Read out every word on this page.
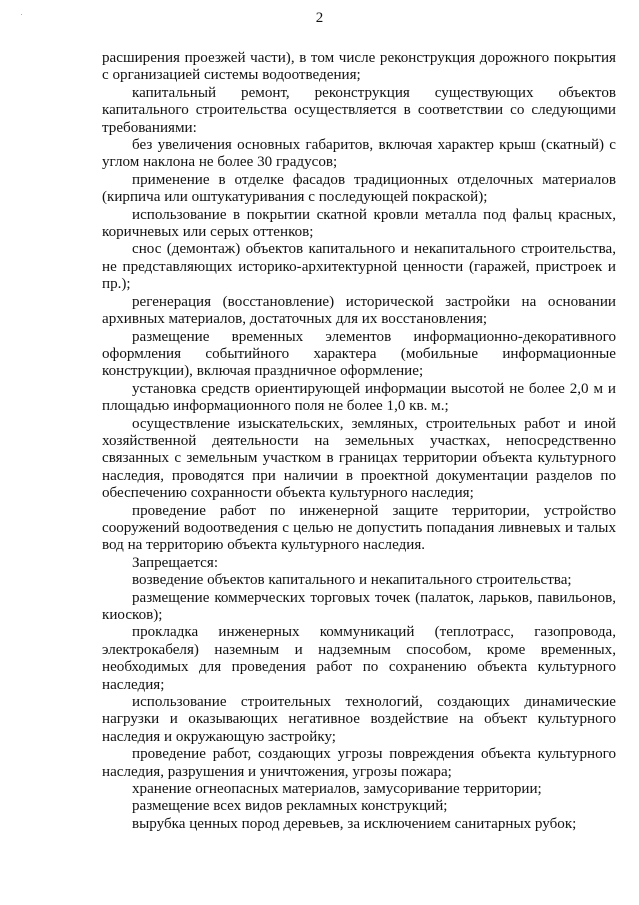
2

расширения проезжей части), в том числе реконструкция дорожного покрытия с организацией системы водоотведения;

капитальный ремонт, реконструкция существующих объектов капитального строительства осуществляется в соответствии со следующими требованиями:

без увеличения основных габаритов, включая характер крыш (скатный) с углом наклона не более 30 градусов;

применение в отделке фасадов традиционных отделочных материалов (кирпича или оштукатуривания с последующей покраской);

использование в покрытии скатной кровли металла под фальц красных, коричневых или серых оттенков;

снос (демонтаж) объектов капитального и некапитального строительства, не представляющих историко-архитектурной ценности (гаражей, пристроек и пр.);

регенерация (восстановление) исторической застройки на основании архивных материалов, достаточных для их восстановления;

размещение временных элементов информационно-декоративного оформления событийного характера (мобильные информационные конструкции), включая праздничное оформление;

установка средств ориентирующей информации высотой не более 2,0 м и площадью информационного поля не более 1,0 кв. м.;

осуществление изыскательских, земляных, строительных работ и иной хозяйственной деятельности на земельных участках, непосредственно связанных с земельным участком в границах территории объекта культурного наследия, проводятся при наличии в проектной документации разделов по обеспечению сохранности объекта культурного наследия;

проведение работ по инженерной защите территории, устройство сооружений водоотведения с целью не допустить попадания ливневых и талых вод на территорию объекта культурного наследия.

Запрещается:

возведение объектов капитального и некапитального строительства;

размещение коммерческих торговых точек (палаток, ларьков, павильонов, киосков);

прокладка инженерных коммуникаций (теплотрасс, газопровода, электрокабеля) наземным и надземным способом, кроме временных, необходимых для проведения работ по сохранению объекта культурного наследия;

использование строительных технологий, создающих динамические нагрузки и оказывающих негативное воздействие на объект культурного наследия и окружающую застройку;

проведение работ, создающих угрозы повреждения объекта культурного наследия, разрушения и уничтожения, угрозы пожара;

хранение огнеопасных материалов, замусоривание территории;

размещение всех видов рекламных конструкций;

вырубка ценных пород деревьев, за исключением санитарных рубок;
